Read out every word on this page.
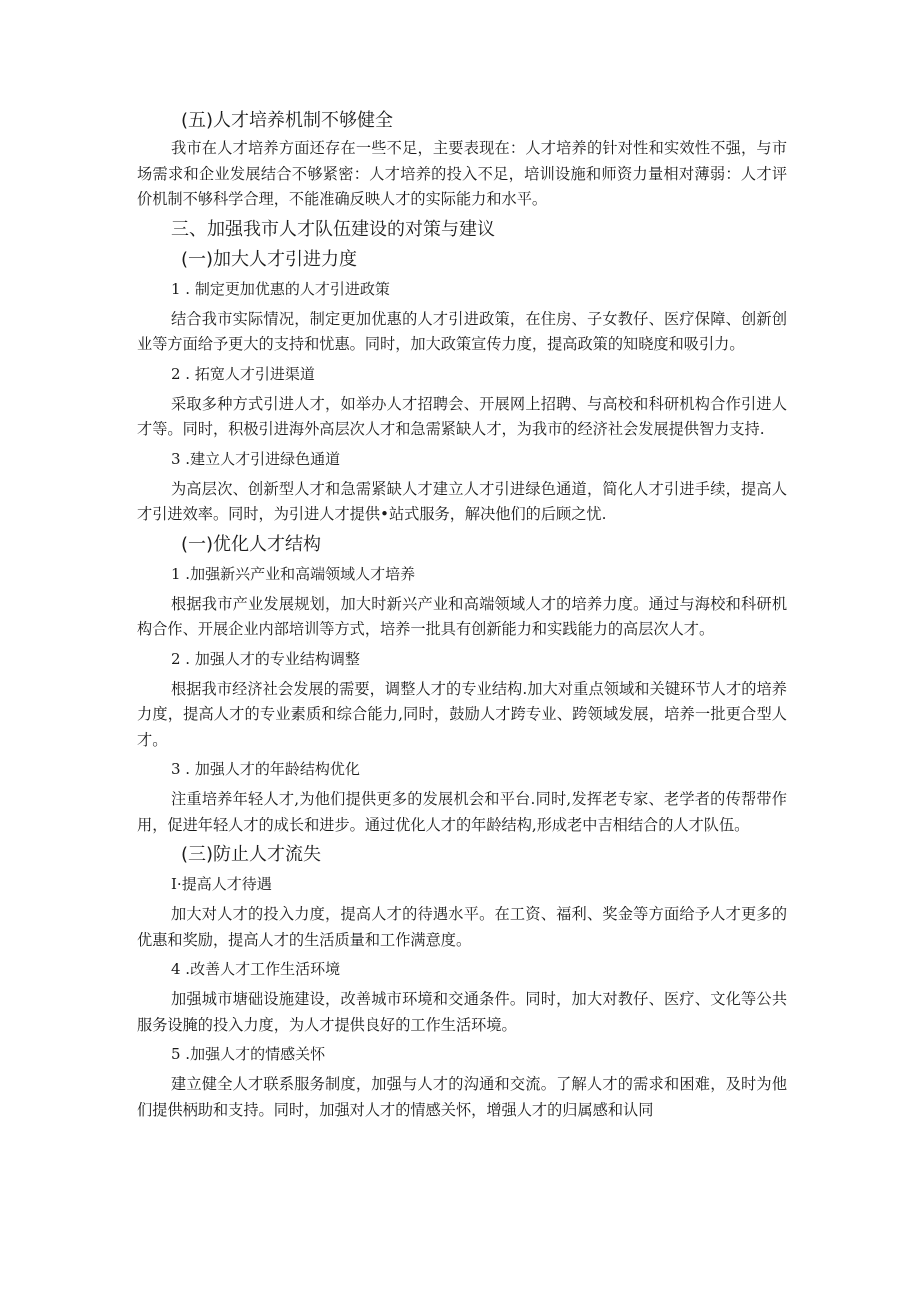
(五)人才培养机制不够健全
我市在人才培养方面还存在一些不足，主要表现在：人才培养的针对性和实效性不强，与市场需求和企业发展结合不够紧密：人才培养的投入不足，培训设施和师资力量相对薄弱：人才评价机制不够科学合理，不能准确反映人才的实际能力和水平。
三、加强我市人才队伍建设的对策与建议
(一)加大人才引进力度
1 . 制定更加优惠的人才引进政策
结合我市实际情况，制定更加优惠的人才引进政策，在住房、子女教仔、医疗保障、创新创业等方面给予更大的支持和忧惠。同时，加大政策宣传力度，提高政策的知晓度和吸引力。
2 . 拓宽人才引进渠道
采取多种方式引进人才，如举办人才招聘会、开展网上招聘、与高校和科研机构合作引进人才等。同时，积极引进海外高层次人才和急需紧缺人才，为我市的经济社会发展提供智力支持.
3 .建立人才引进绿色通道
为高层次、创新型人才和急需紧缺人才建立人才引进绿色通道，简化人才引进手续，提高人才引进效率。同时，为引进人才提供•站式服务，解决他们的后顾之忧.
(一)优化人才结构
1 .加强新兴产业和高端领域人才培养
根据我市产业发展规划，加大时新兴产业和高端领域人才的培养力度。通过与海校和科研机构合作、开展企业内部培训等方式，培养一批具有创新能力和实践能力的高层次人才。
2 . 加强人才的专业结构调整
根据我市经济社会发展的需要，调整人才的专业结构.加大对重点领域和关键环节人才的培养力度，提高人才的专业素质和综合能力,同时，鼓励人才跨专业、跨领域发展，培养一批更合型人才。
3 . 加强人才的年龄结构优化
注重培养年轻人才,为他们提供更多的发展机会和平台.同时,发挥老专家、老学者的传帮带作用，促进年轻人才的成长和进步。通过优化人才的年龄结构,形成老中吉相结合的人才队伍。
(三)防止人才流失
I·提高人才待遇
加大对人才的投入力度，提高人才的待遇水平。在工资、福利、奖金等方面给予人才更多的优惠和奖励，提高人才的生活质量和工作满意度。
4 .改善人才工作生活环境
加强城市塘础设施建设，改善城市环境和交通条件。同时，加大对教仔、医疗、文化等公共服务设腌的投入力度，为人才提供良好的工作生活环境。
5 .加强人才的情感关怀
建立健全人才联系服务制度，加强与人才的沟通和交流。了解人才的需求和困难，及时为他们提供柄助和支持。同时，加强对人才的情感关怀，增强人才的归属感和认同
